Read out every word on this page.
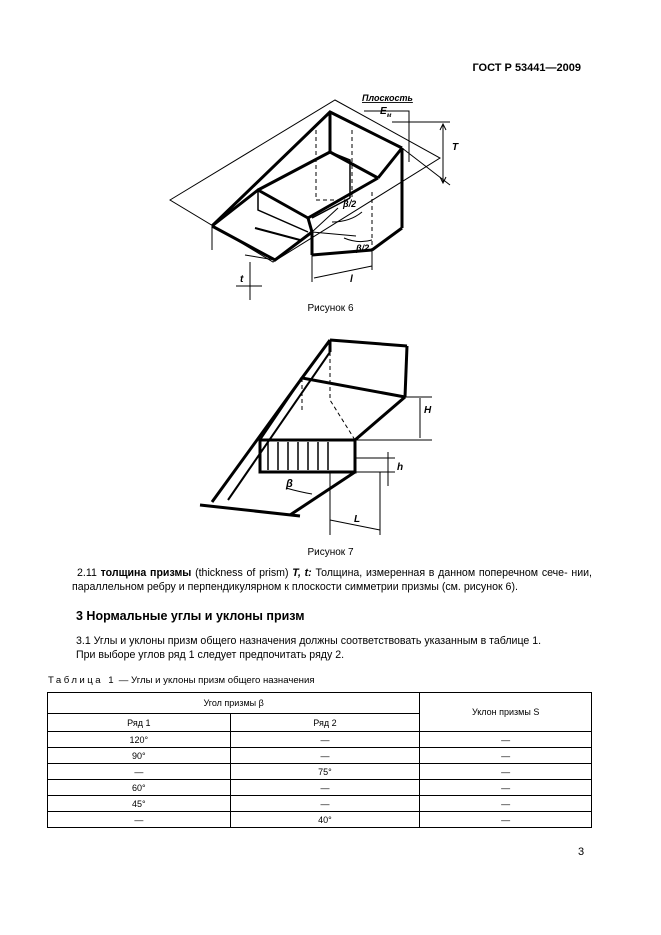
ГОСТ Р 53441—2009
Плоскость
E м
T
β/2
β/2
t	l
Рисунок 6
H
h
β
L
Рисунок 7
2.11 толщина призмы (thickness of prism) T, t: Толщина, измеренная в данном поперечном сече- нии, параллельном ребру и перпендикулярном к плоскости симметрии призмы (см. рисунок 6).
3 Нормальные углы и уклоны призм
3.1 Углы и уклоны призм общего назначения должны соответствовать указанным в таблице 1.
При выборе углов ряд 1 следует предпочитать ряду 2.
Таблица 1 — Углы и уклоны призм общего назначения
Угол призмы β		Уклон призмы S
Ряд 1	Ряд 2	
120°	—	—
90°	—	—
—	75°	—
60°	—	—
45°	—	—
—	40°	—
3
